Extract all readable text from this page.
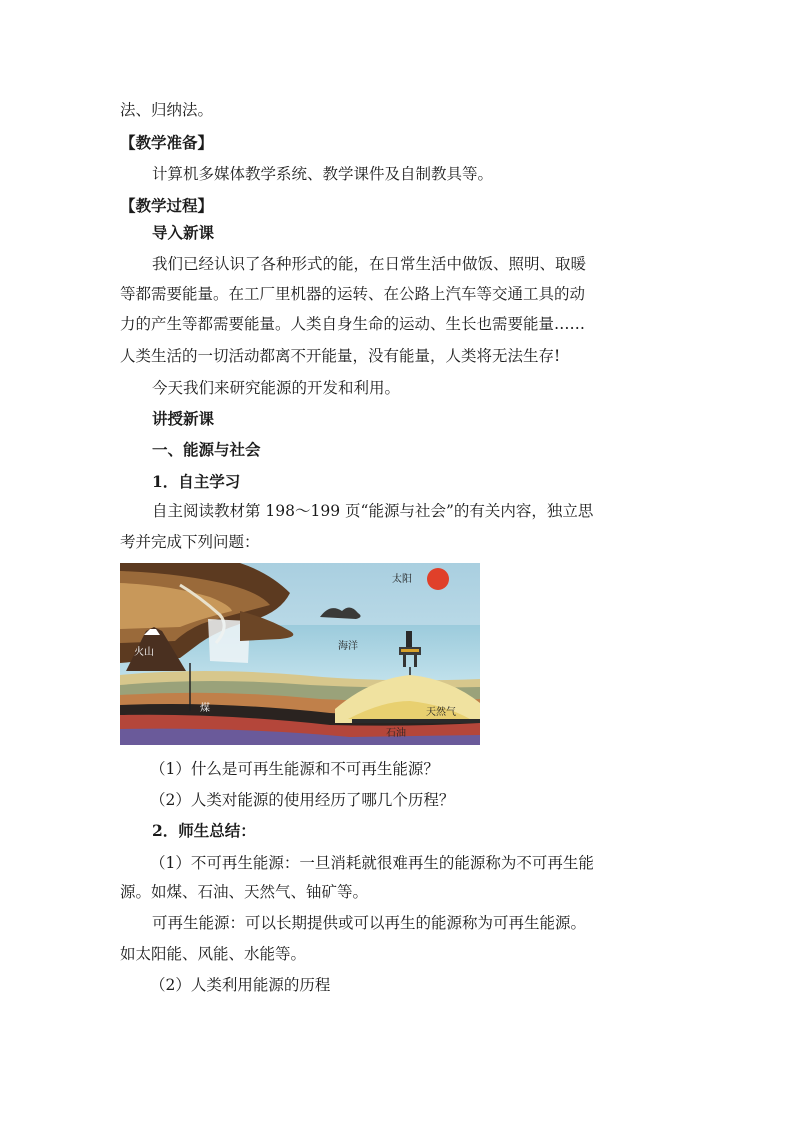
法、归纳法。
【教学准备】
计算机多媒体教学系统、教学课件及自制教具等。
【教学过程】
导入新课
我们已经认识了各种形式的能，在日常生活中做饭、照明、取暖
等都需要能量。在工厂里机器的运转、在公路上汽车等交通工具的动
力的产生等都需要能量。人类自身生命的运动、生长也需要能量……
人类生活的一切活动都离不开能量，没有能量，人类将无法生存!
今天我们来研究能源的开发和利用。
讲授新课
一、能源与社会
1．自主学习
自主阅读教材第 198～199 页“能源与社会”的有关内容，独立思
考并完成下列问题：
太阳
火山
海洋
煤	天然气
石油
（1）什么是可再生能源和不可再生能源？
（2）人类对能源的使用经历了哪几个历程？
2．师生总结：
（1）不可再生能源：一旦消耗就很难再生的能源称为不可再生能
源。如煤、石油、天然气、铀矿等。
可再生能源：可以长期提供或可以再生的能源称为可再生能源。
如太阳能、风能、水能等。
（2）人类利用能源的历程
